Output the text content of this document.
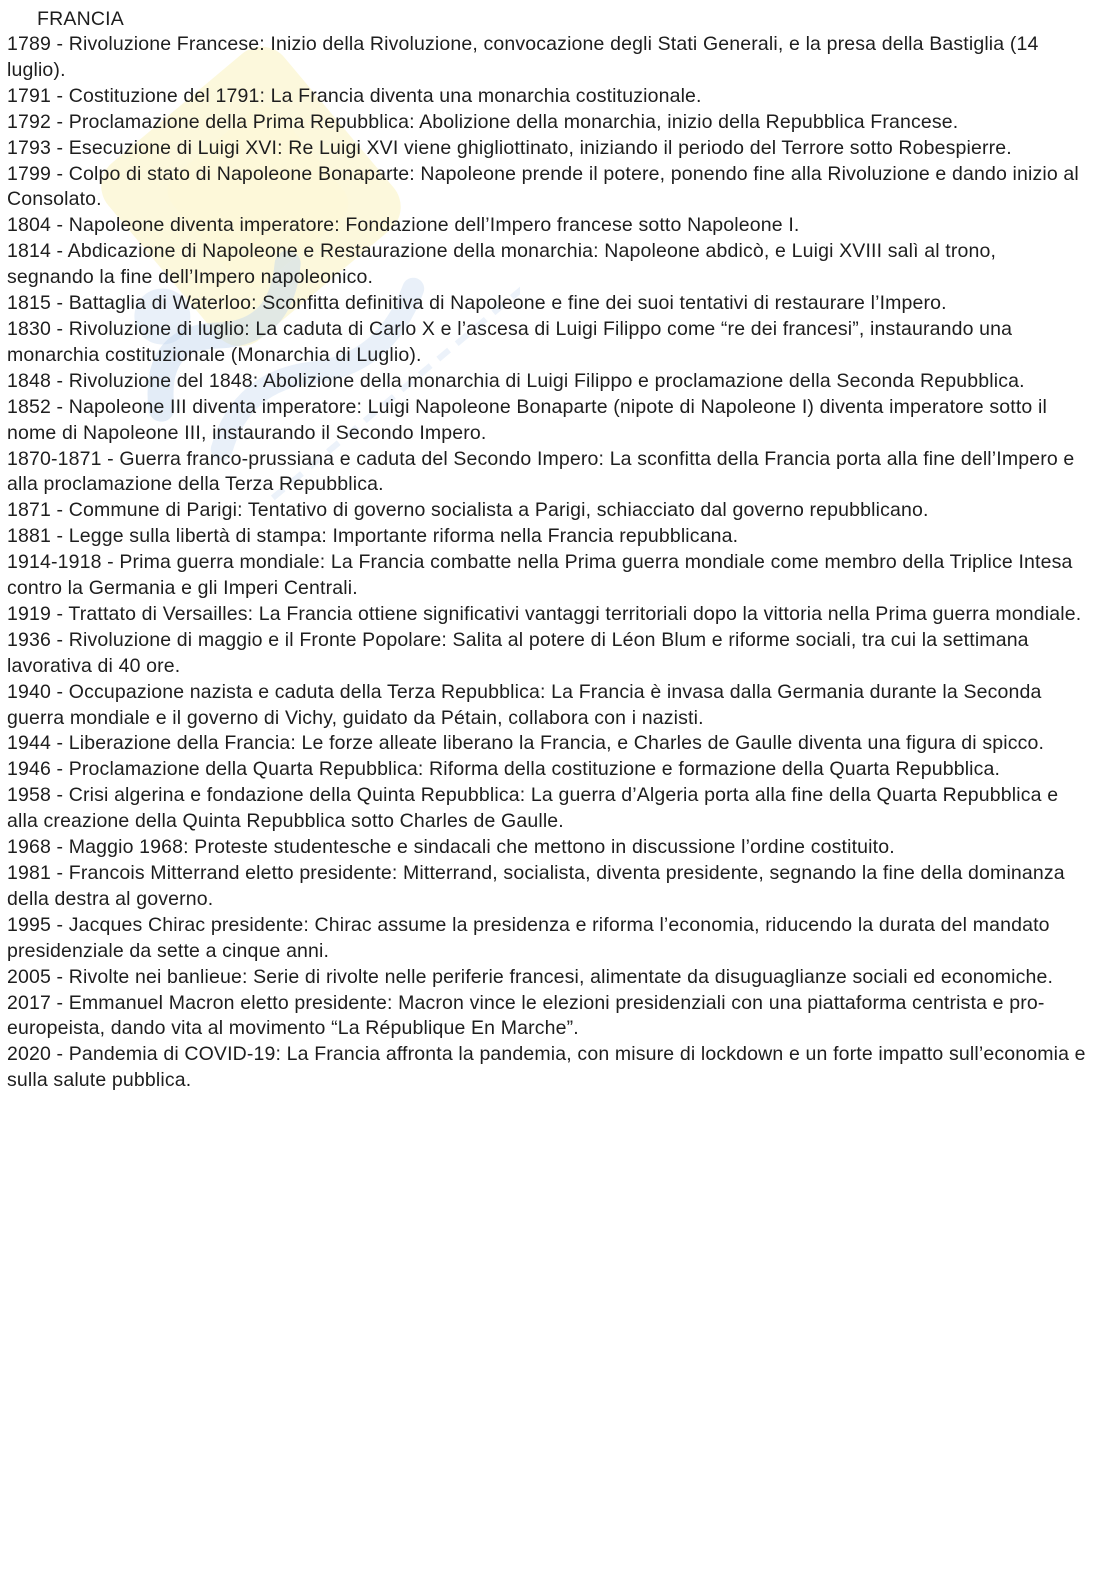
FRANCIA
1789 - Rivoluzione Francese: Inizio della Rivoluzione, convocazione degli Stati Generali, e la presa della Bastiglia (14 luglio).
1791 - Costituzione del 1791: La Francia diventa una monarchia costituzionale.
1792 - Proclamazione della Prima Repubblica: Abolizione della monarchia, inizio della Repubblica Francese.
1793 - Esecuzione di Luigi XVI: Re Luigi XVI viene ghigliottinato, iniziando il periodo del Terrore sotto Robespierre.
1799 - Colpo di stato di Napoleone Bonaparte: Napoleone prende il potere, ponendo fine alla Rivoluzione e dando inizio al Consolato.
1804 - Napoleone diventa imperatore: Fondazione dell’Impero francese sotto Napoleone I.
1814 - Abdicazione di Napoleone e Restaurazione della monarchia: Napoleone abdicò, e Luigi XVIII salì al trono, segnando la fine dell’Impero napoleonico.
1815 - Battaglia di Waterloo: Sconfitta definitiva di Napoleone e fine dei suoi tentativi di restaurare l’Impero.
1830 - Rivoluzione di luglio: La caduta di Carlo X e l’ascesa di Luigi Filippo come “re dei francesi”, instaurando una monarchia costituzionale (Monarchia di Luglio).
1848 - Rivoluzione del 1848: Abolizione della monarchia di Luigi Filippo e proclamazione della Seconda Repubblica.
1852 - Napoleone III diventa imperatore: Luigi Napoleone Bonaparte (nipote di Napoleone I) diventa imperatore sotto il nome di Napoleone III, instaurando il Secondo Impero.
1870-1871 - Guerra franco-prussiana e caduta del Secondo Impero: La sconfitta della Francia porta alla fine dell’Impero e alla proclamazione della Terza Repubblica.
1871 - Commune di Parigi: Tentativo di governo socialista a Parigi, schiacciato dal governo repubblicano.
1881 - Legge sulla libertà di stampa: Importante riforma nella Francia repubblicana.
1914-1918 - Prima guerra mondiale: La Francia combatte nella Prima guerra mondiale come membro della Triplice Intesa contro la Germania e gli Imperi Centrali.
1919 - Trattato di Versailles: La Francia ottiene significativi vantaggi territoriali dopo la vittoria nella Prima guerra mondiale.
1936 - Rivoluzione di maggio e il Fronte Popolare: Salita al potere di Léon Blum e riforme sociali, tra cui la settimana lavorativa di 40 ore.
1940 - Occupazione nazista e caduta della Terza Repubblica: La Francia è invasa dalla Germania durante la Seconda guerra mondiale e il governo di Vichy, guidato da Pétain, collabora con i nazisti.
1944 - Liberazione della Francia: Le forze alleate liberano la Francia, e Charles de Gaulle diventa una figura di spicco.
1946 - Proclamazione della Quarta Repubblica: Riforma della costituzione e formazione della Quarta Repubblica.
1958 - Crisi algerina e fondazione della Quinta Repubblica: La guerra d’Algeria porta alla fine della Quarta Repubblica e alla creazione della Quinta Repubblica sotto Charles de Gaulle.
1968 - Maggio 1968: Proteste studentesche e sindacali che mettono in discussione l’ordine costituito.
1981 - Francois Mitterrand eletto presidente: Mitterrand, socialista, diventa presidente, segnando la fine della dominanza della destra al governo.
1995 - Jacques Chirac presidente: Chirac assume la presidenza e riforma l’economia, riducendo la durata del mandato presidenziale da sette a cinque anni.
2005 - Rivolte nei banlieue: Serie di rivolte nelle periferie francesi, alimentate da disuguaglianze sociali ed economiche.
2017 - Emmanuel Macron eletto presidente: Macron vince le elezioni presidenziali con una piattaforma centrista e pro-europeista, dando vita al movimento “La République En Marche”.
2020 - Pandemia di COVID-19: La Francia affronta la pandemia, con misure di lockdown e un forte impatto sull’economia e sulla salute pubblica.
